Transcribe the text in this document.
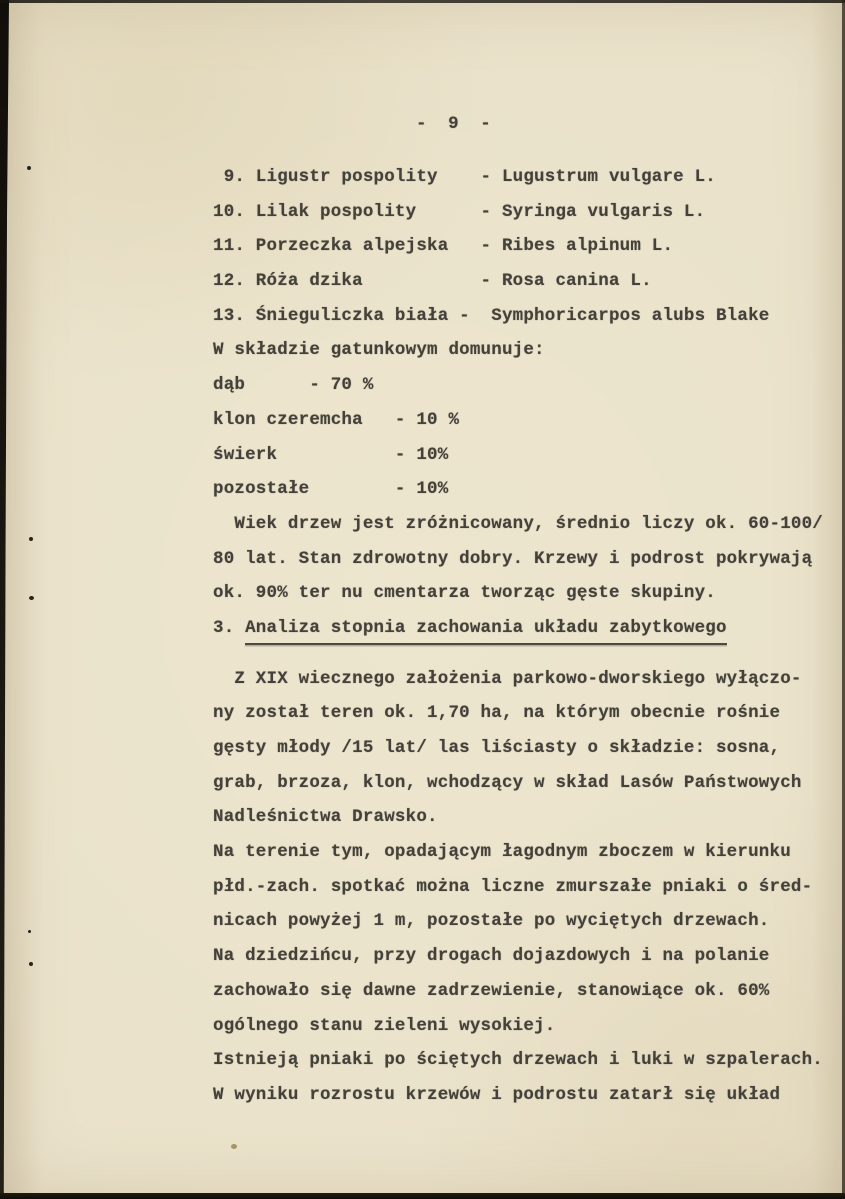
-  9  -
9. Ligustr pospolity    - Lugustrum vulgare L.
10. Lilak pospolity      - Syringa vulgaris L.
11. Porzeczka alpejska   - Ribes alpinum L.
12. Róża dzika           - Rosa canina L.
13. Śnieguliczka biała -  Symphoricarpos alubs Blake
W składzie gatunkowym domunuje:
dąb      - 70 %
klon czeremcha   - 10 %
świerk           - 10%
pozostałe        - 10%
Wiek drzew jest zróżnicowany, średnio liczy ok. 60-100/
80 lat. Stan zdrowotny dobry. Krzewy i podrost pokrywają
ok. 90% ter nu cmentarza tworząc gęste skupiny.
3. Analiza stopnia zachowania układu zabytkowego
Z XIX wiecznego założenia parkowo-dworskiego wyłączo-
ny został teren ok. 1,70 ha, na którym obecnie rośnie
gęsty młody /15 lat/ las liściasty o składzie: sosna,
grab, brzoza, klon, wchodzący w skład Lasów Państwowych
Nadleśnictwa Drawsko.
Na terenie tym, opadającym łagodnym zboczem w kierunku
płd.-zach. spotkać można liczne zmurszałe pniaki o śred-
nicach powyżej 1 m, pozostałe po wyciętych drzewach.
Na dziedzińcu, przy drogach dojazdowych i na polanie
zachowało się dawne zadrzewienie, stanowiące ok. 60%
ogólnego stanu zieleni wysokiej.
Istnieją pniaki po ściętych drzewach i luki w szpalerach.
W wyniku rozrostu krzewów i podrostu zatarł się układ
